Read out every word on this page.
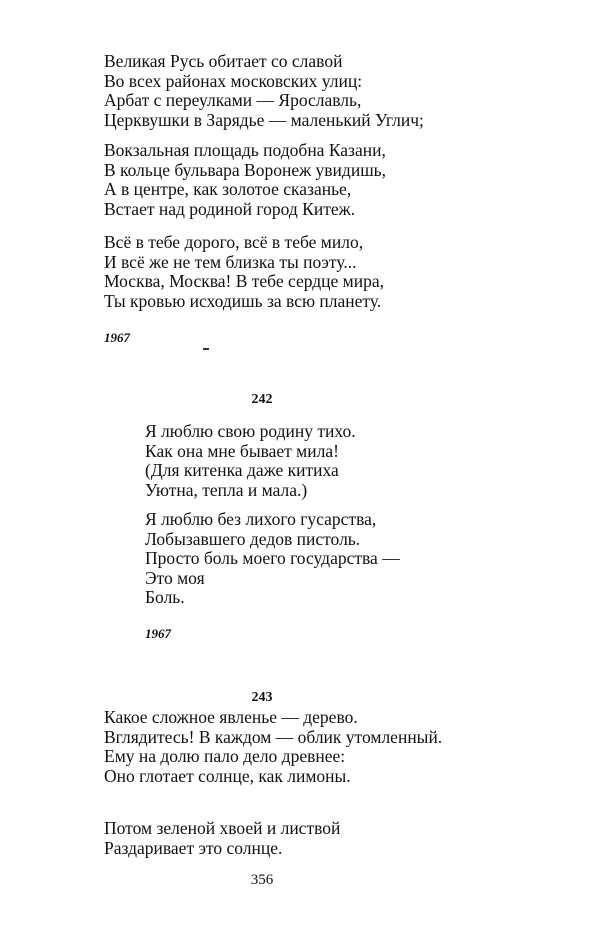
Великая Русь обитает со славой
Во всех районах московских улиц:
Арбат с переулками — Ярославль,
Церквушки в Зарядье — маленький Углич;
Вокзальная площадь подобна Казани,
В кольце бульвара Воронеж увидишь,
А в центре, как золотое сказанье,
Встает над родиной город Китеж.
Всё в тебе дорого, всё в тебе мило,
И всё же не тем близка ты поэту...
Москва, Москва! В тебе сердце мира,
Ты кровью исходишь за всю планету.
1967
242
Я люблю свою родину тихо.
Как она мне бывает мила!
(Для китенка даже китиха
Уютна, тепла и мала.)
Я люблю без лихого гусарства,
Лобызавшего дедов пистоль.
Просто боль моего государства —
Это моя
Боль.
1967
243
Какое сложное явленье — дерево.
Вглядитесь! В каждом — облик утомленный.
Ему на долю пало дело древнее:
Оно глотает солнце, как лимоны.
Потом зеленой хвоей и листвой
Раздаривает это солнце.
356
